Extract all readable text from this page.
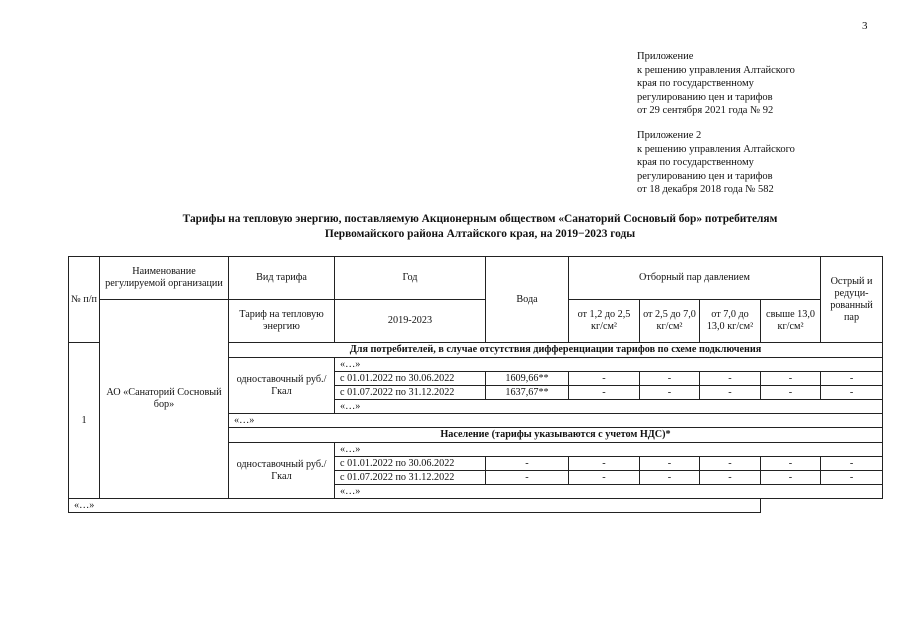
3
Приложение
к решению управления Алтайского
края по государственному
регулированию цен и тарифов
от 29 сентября 2021 года № 92
Приложение 2
к решению управления Алтайского
края по государственному
регулированию цен и тарифов
от 18 декабря 2018 года № 582
Тарифы на тепловую энергию, поставляемую Акционерным обществом «Санаторий Сосновый бор» потребителям
Первомайского района Алтайского края, на 2019−2023 годы
№ п/п	Наименование регулируемой организации	Вид тарифа	Год	Вода	Отборный пар давлением				Острый и редуци-рованный пар
	АО «Санаторий Сосновый бор»	Тариф на тепловую энергию	2019-2023		от 1,2 до 2,5 кг/см²	от 2,5 до 7,0 кг/см²	от 7,0 до 13,0 кг/см²	свыше 13,0 кг/см²	
1		Для потребителей, в случае отсутствия дифференциации тарифов по схеме подключения							
		одноставочный руб./Гкал	«…»						
			с 01.01.2022 по 30.06.2022	1609,66**	-	-	-	-	-
			с 01.07.2022 по 31.12.2022	1637,67**	-	-	-	-	-
			«…»						
		«…»							
		Население (тарифы указываются с учетом НДС)*							
		одноставочный руб./Гкал	«…»						
			с 01.01.2022 по 30.06.2022	-	-	-	-	-	-
			с 01.07.2022 по 31.12.2022	-	-	-	-	-	-
			«…»						
«…»									
